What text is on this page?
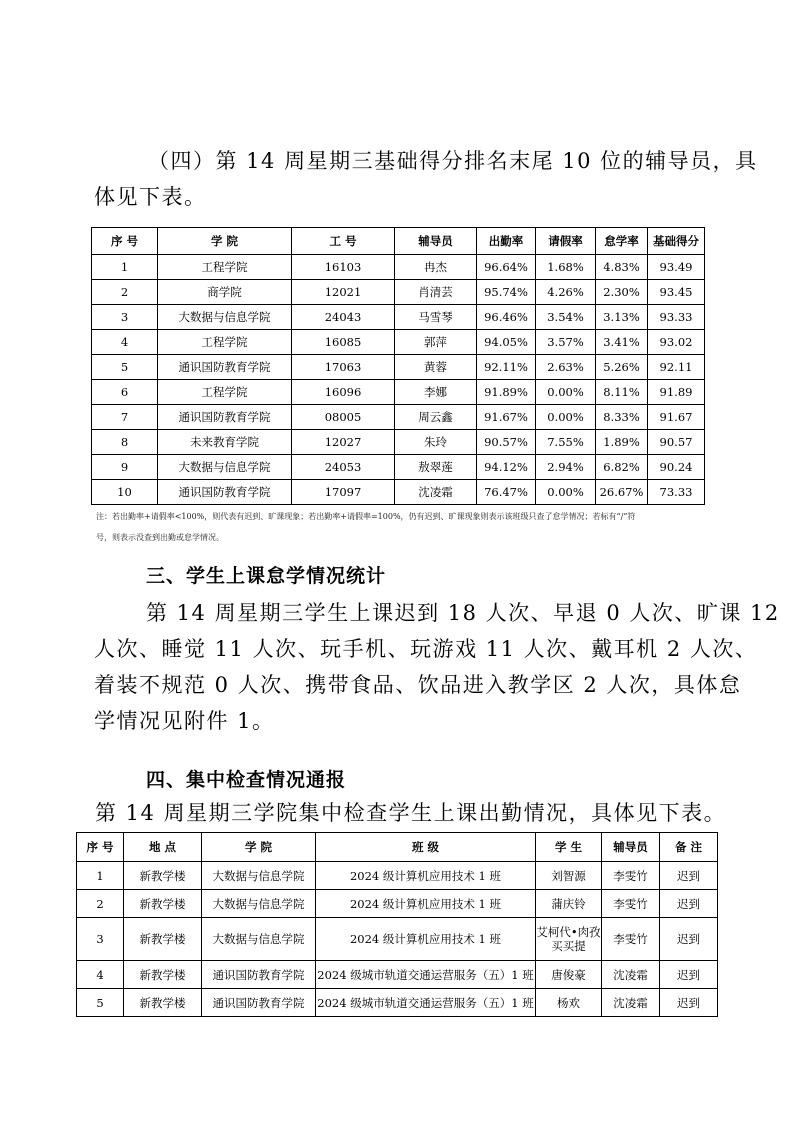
（四）第 14 周星期三基础得分排名末尾 10 位的辅导员，具
体见下表。
序 号	学 院	工 号	辅导员	出勤率	请假率	怠学率	基础得分
1	工程学院	16103	冉杰	96.64%	1.68%	4.83%	93.49
2	商学院	12021	肖清芸	95.74%	4.26%	2.30%	93.45
3	大数据与信息学院	24043	马雪琴	96.46%	3.54%	3.13%	93.33
4	工程学院	16085	郭萍	94.05%	3.57%	3.41%	93.02
5	通识国防教育学院	17063	黄蓉	92.11%	2.63%	5.26%	92.11
6	工程学院	16096	李娜	91.89%	0.00%	8.11%	91.89
7	通识国防教育学院	08005	周云鑫	91.67%	0.00%	8.33%	91.67
8	未来教育学院	12027	朱玲	90.57%	7.55%	1.89%	90.57
9	大数据与信息学院	24053	敖翠莲	94.12%	2.94%	6.82%	90.24
10	通识国防教育学院	17097	沈凌霜	76.47%	0.00%	26.67%	73.33
注：若出勤率+请假率<100%，则代表有迟到、旷课现象；若出勤率+请假率=100%，仍有迟到、旷课现象则表示该班级只查了怠学情况；若标有“/”符
号，则表示没查到出勤或怠学情况。
三、学生上课怠学情况统计
第 14 周星期三学生上课迟到 18 人次、早退 0 人次、旷课 12
人次、睡觉 11 人次、玩手机、玩游戏 11 人次、戴耳机 2 人次、
着装不规范 0 人次、携带食品、饮品进入教学区 2 人次，具体怠
学情况见附件 1。
四、集中检查情况通报
第 14 周星期三学院集中检查学生上课出勤情况，具体见下表。
序 号	地 点	学 院	班 级	学 生	辅导员	备 注
1	新教学楼	大数据与信息学院	2024 级计算机应用技术 1 班	刘智源	李雯竹	迟到
2	新教学楼	大数据与信息学院	2024 级计算机应用技术 1 班	蒲庆铃	李雯竹	迟到
3	新教学楼	大数据与信息学院	2024 级计算机应用技术 1 班	艾柯代•肉孜买买提	李雯竹	迟到
4	新教学楼	通识国防教育学院	2024 级城市轨道交通运营服务（五）1 班	唐俊豪	沈凌霜	迟到
5	新教学楼	通识国防教育学院	2024 级城市轨道交通运营服务（五）1 班	杨欢	沈凌霜	迟到
